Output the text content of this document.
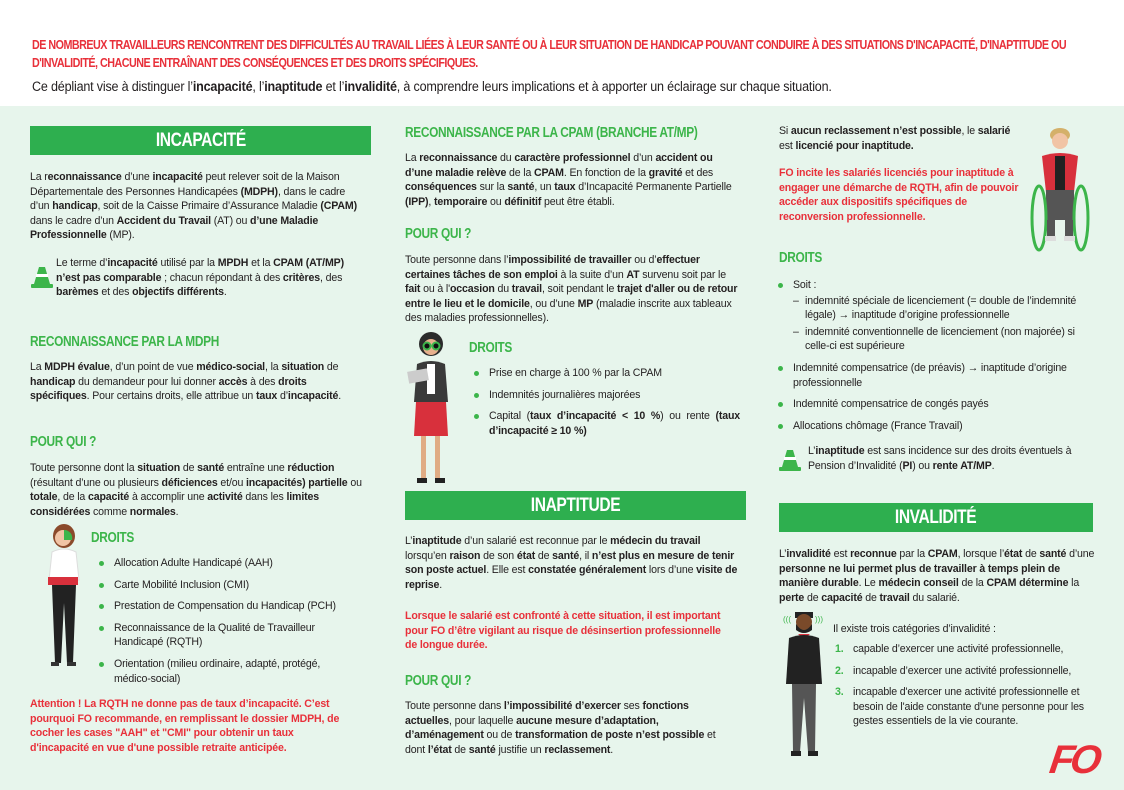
DE NOMBREUX TRAVAILLEURS RENCONTRENT DES DIFFICULTÉS AU TRAVAIL LIÉES À LEUR SANTÉ OU À LEUR SITUATION DE HANDICAP POUVANT CONDUIRE À DES SITUATIONS D'INCAPACITÉ, D'INAPTITUDE OU D'INVALIDITÉ, CHACUNE ENTRAÎNANT DES CONSÉQUENCES ET DES DROITS SPÉCIFIQUES.
Ce dépliant vise à distinguer l’incapacité, l’inaptitude et l’invalidité, à comprendre leurs implications et à apporter un éclairage sur chaque situation.
INCAPACITÉ
La reconnaissance d’une incapacité peut relever soit de la Maison Départementale des Personnes Handicapées (MDPH), dans le cadre d’un handicap, soit de la Caisse Primaire d’Assurance Maladie (CPAM) dans le cadre d’un Accident du Travail (AT) ou d’une Maladie Professionnelle (MP).
Le terme d’incapacité utilisé par la MPDH et la CPAM (AT/MP) n’est pas comparable ; chacun répondant à des critères, des barèmes et des objectifs différents.
RECONNAISSANCE PAR LA MDPH
La MDPH évalue, d’un point de vue médico-social, la situation de handicap du demandeur pour lui donner accès à des droits spécifiques. Pour certains droits, elle attribue un taux d’incapacité.
POUR QUI ?
Toute personne dont la situation de santé entraîne une réduction (résultant d’une ou plusieurs déficiences et/ou incapacités) partielle ou totale, de la capacité à accomplir une activité dans les limites considérées comme normales.
DROITS
Allocation Adulte Handicapé (AAH)
Carte Mobilité Inclusion (CMI)
Prestation de Compensation du Handicap (PCH)
Reconnaissance de la Qualité de Travailleur Handicapé (RQTH)
Orientation (milieu ordinaire, adapté, protégé, médico-social)
Attention ! La RQTH ne donne pas de taux d’incapacité. C’est pourquoi FO recommande, en remplissant le dossier MDPH, de cocher les cases "AAH" et "CMI" pour obtenir un taux d'incapacité en vue d'une possible retraite anticipée.
RECONNAISSANCE PAR LA CPAM (BRANCHE AT/MP)
La reconnaissance du caractère professionnel d’un accident ou d’une maladie relève de la CPAM. En fonction de la gravité et des conséquences sur la santé, un taux d’Incapacité Permanente Partielle (IPP), temporaire ou définitif peut être établi.
POUR QUI ?
Toute personne dans l’impossibilité de travailler ou d’effectuer certaines tâches de son emploi à la suite d’un AT survenu soit par le fait ou à l'occasion du travail, soit pendant le trajet d'aller ou de retour entre le lieu et le domicile, ou d’une MP (maladie inscrite aux tableaux des maladies professionnelles).
DROITS
Prise en charge à 100 % par la CPAM
Indemnités journalières majorées
Capital (taux d’incapacité < 10 %) ou rente (taux d’incapacité ≥ 10 %)
INAPTITUDE
L’inaptitude d’un salarié est reconnue par le médecin du travail lorsqu’en raison de son état de santé, il n’est plus en mesure de tenir son poste actuel. Elle est constatée généralement lors d’une visite de reprise.
Lorsque le salarié est confronté à cette situation, il est important pour FO d’être vigilant au risque de désinsertion professionnelle de longue durée.
POUR QUI ?
Toute personne dans l’impossibilité d’exercer ses fonctions actuelles, pour laquelle aucune mesure d’adaptation, d’aménagement ou de transformation de poste n’est possible et dont l’état de santé justifie un reclassement.
Si aucun reclassement n’est possible, le salarié est licencié pour inaptitude.
FO incite les salariés licenciés pour inaptitude à engager une démarche de RQTH, afin de pouvoir accéder aux dispositifs spécifiques de reconversion professionnelle.
DROITS
Soit :
– indemnité spéciale de licenciement (= double de l’indemnité légale) → inaptitude d’origine professionnelle
– indemnité conventionnelle de licenciement (non majorée) si celle-ci est supérieure
Indemnité compensatrice (de préavis) → inaptitude d’origine professionnelle
Indemnité compensatrice de congés payés
Allocations chômage (France Travail)
L’inaptitude est sans incidence sur des droits éventuels à Pension d’Invalidité (PI) ou rente AT/MP.
INVALIDITÉ
L’invalidité est reconnue par la CPAM, lorsque l’état de santé d’une personne ne lui permet plus de travailler à temps plein de manière durable. Le médecin conseil de la CPAM détermine la perte de capacité de travail du salarié.
(((	)))
Il existe trois catégories d’invalidité :
1. capable d’exercer une activité professionnelle,
2. incapable d’exercer une activité professionnelle,
3. incapable d'exercer une activité professionnelle et besoin de l'aide constante d'une personne pour les gestes essentiels de la vie courante.
FO
